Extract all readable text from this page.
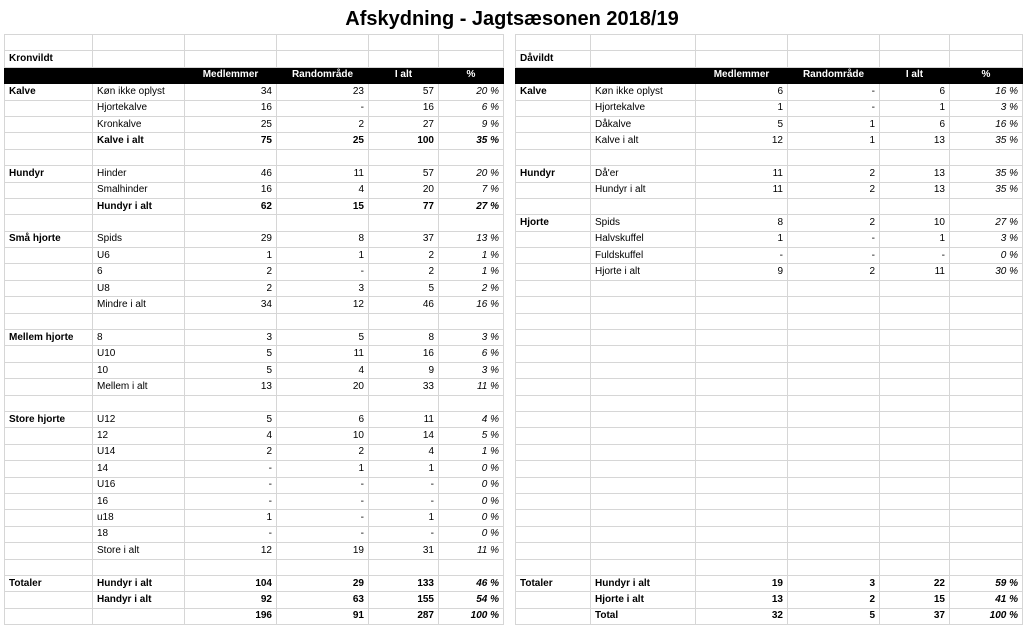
Afskydning - Jagtsæsonen 2018/19

Kronvildt					
		Medlemmer	Randområde	I alt	%
Kalve	Køn ikke oplyst	34	23	57	20 %
	Hjortekalve	16	-	16	6 %
	Kronkalve	25	2	27	9 %
	Kalve i alt	75	25	100	35 %

Hundyr	Hinder	46	11	57	20 %
	Smalhinder	16	4	20	7 %
	Hundyr i alt	62	15	77	27 %

Små hjorte	Spids	29	8	37	13 %
	U6	1	1	2	1 %
	6	2	-	2	1 %
	U8	2	3	5	2 %
	Mindre i alt	34	12	46	16 %

Mellem hjorte	8	3	5	8	3 %
	U10	5	11	16	6 %
	10	5	4	9	3 %
	Mellem i alt	13	20	33	11 %

Store hjorte	U12	5	6	11	4 %
	12	4	10	14	5 %
	U14	2	2	4	1 %
	14	-	1	1	0 %
	U16	-	-	-	0 %
	16	-	-	-	0 %
	u18	1	-	1	0 %
	18	-	-	-	0 %
	Store i alt	12	19	31	11 %

Totaler	Hundyr i alt	104	29	133	46 %
	Handyr i alt	92	63	155	54 %
		196	91	287	100 %

Dåvildt					
		Medlemmer	Randområde	I alt	%
Kalve	Køn ikke oplyst	6	-	6	16 %
	Hjortekalve	1	-	1	3 %
	Dåkalve	5	1	6	16 %
	Kalve i alt	12	1	13	35 %

Hundyr	Då'er	11	2	13	35 %
	Hundyr i alt	11	2	13	35 %

Hjorte	Spids	8	2	10	27 %
	Halvskuffel	1	-	1	3 %
	Fuldskuffel	-	-	-	0 %
	Hjorte i alt	9	2	11	30 %

Totaler	Hundyr i alt	19	3	22	59 %
	Hjorte i alt	13	2	15	41 %
	Total	32	5	37	100 %
